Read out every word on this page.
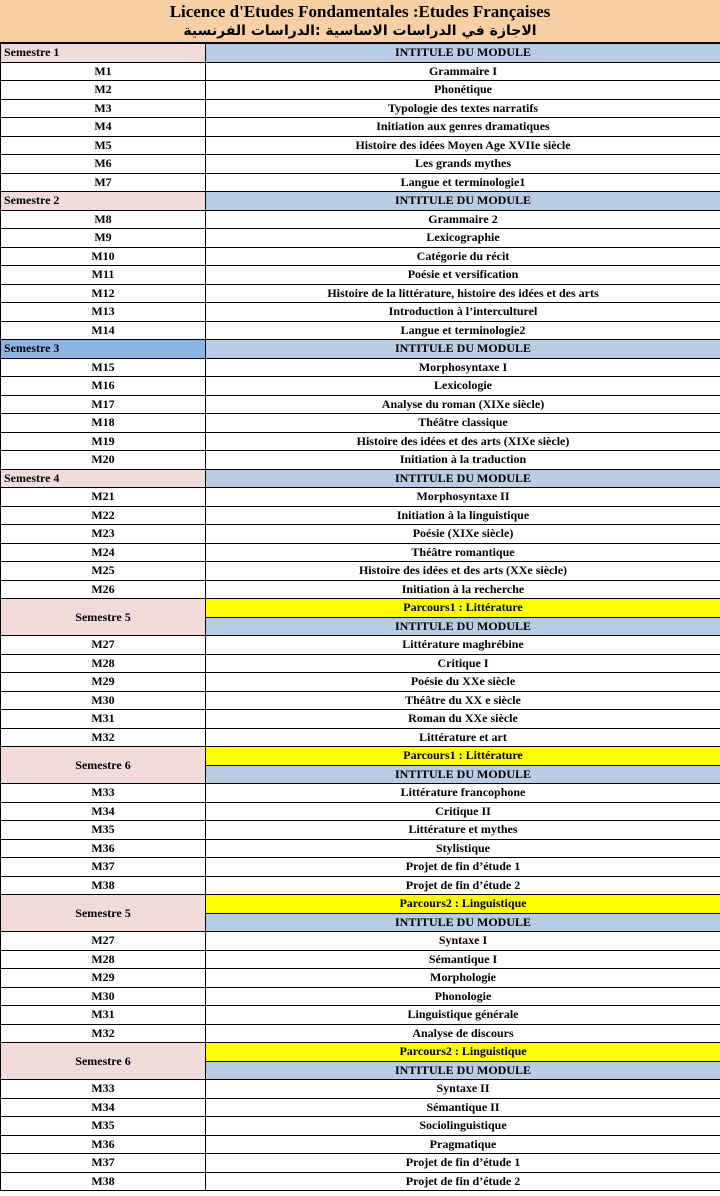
Licence d'Etudes Fondamentales :Etudes Françaises
الاجازة في الدراسات الاساسية :الدراسات الفرنسية
Semestre 1	INTITULE DU MODULE
M1	Grammaire I
M2	Phonétique
M3	Typologie des textes narratifs
M4	Initiation aux genres dramatiques
M5	Histoire des idées Moyen Age XVIIe siècle
M6	Les grands mythes
M7	Langue et terminologie1
Semestre 2	INTITULE DU MODULE
M8	Grammaire 2
M9	Lexicographie
M10	Catégorie du récit
M11	Poésie et versification
M12	Histoire de la littérature, histoire des idées et des arts
M13	Introduction à l’interculturel
M14	Langue et terminologie2
Semestre 3	INTITULE DU MODULE
M15	Morphosyntaxe I
M16	Lexicologie
M17	Analyse du roman (XIXe siècle)
M18	Théâtre classique
M19	Histoire des idées et des arts (XIXe siècle)
M20	Initiation à la traduction
Semestre 4	INTITULE DU MODULE
M21	Morphosyntaxe II
M22	Initiation à la linguistique
M23	Poésie (XIXe siècle)
M24	Théâtre romantique
M25	Histoire des idées et des arts (XXe siècle)
M26	Initiation à la recherche
Semestre 5	Parcours1 : Littérature
	INTITULE DU MODULE
M27	Littérature maghrébine
M28	Critique I
M29	Poésie du XXe siècle
M30	Théâtre du XX e siècle
M31	Roman du XXe siècle
M32	Littérature et art
Semestre 6	Parcours1 : Littérature
	INTITULE DU MODULE
M33	Littérature francophone
M34	Critique II
M35	Littérature et mythes
M36	Stylistique
M37	Projet de fin d’étude 1
M38	Projet de fin d’étude 2
Semestre 5	Parcours2 : Linguistique
	INTITULE DU MODULE
M27	Syntaxe I
M28	Sémantique I
M29	Morphologie
M30	Phonologie
M31	Linguistique générale
M32	Analyse de discours
Semestre 6	Parcours2 : Linguistique
	INTITULE DU MODULE
M33	Syntaxe II
M34	Sémantique II
M35	Sociolinguistique
M36	Pragmatique
M37	Projet de fin d’étude 1
M38	Projet de fin d’étude 2
